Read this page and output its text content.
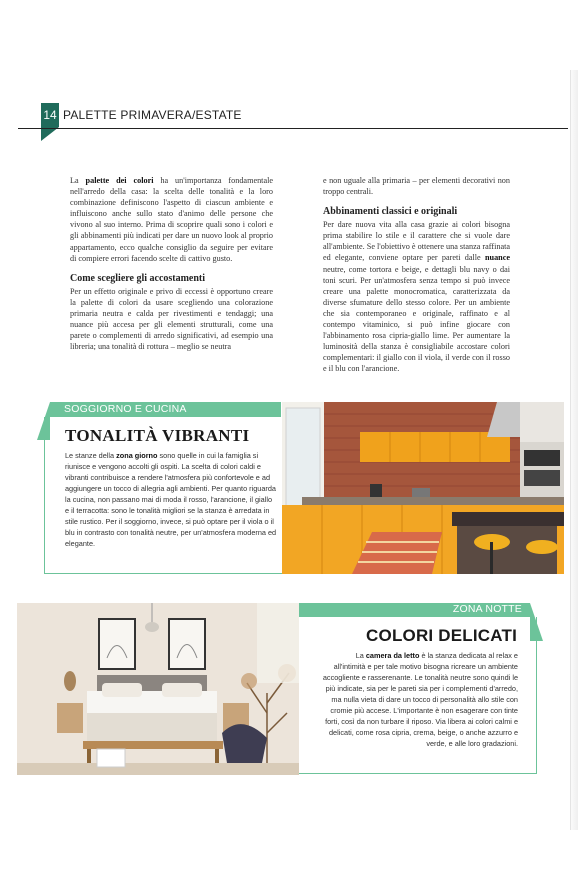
14 PALETTE PRIMAVERA/ESTATE

La palette dei colori ha un'importanza fondamentale nell'arredo della casa: la scelta delle tonalità e la loro combinazione definiscono l'aspetto di ciascun ambiente e influiscono anche sullo stato d'animo delle persone che vivono al suo interno. Prima di scoprire quali sono i colori e gli abbinamenti più indicati per dare un nuovo look al proprio appartamento, ecco qualche consiglio da seguire per evitare di compiere errori facendo scelte di cattivo gusto.

Come scegliere gli accostamenti

Per un effetto originale e privo di eccessi è opportuno creare la palette di colori da usare scegliendo una colorazione primaria neutra e calda per rivestimenti e tendaggi; una nuance più accesa per gli elementi strutturali, come una parete o complementi di arredo significativi, ad esempio una libreria; una tonalità di rottura – meglio se neutra

e non uguale alla primaria – per elementi decorativi non troppo centrali.

Abbinamenti classici e originali

Per dare nuova vita alla casa grazie ai colori bisogna prima stabilire lo stile e il carattere che si vuole dare all'ambiente. Se l'obiettivo è ottenere una stanza raffinata ed elegante, conviene optare per pareti dalle nuance neutre, come tortora e beige, e dettagli blu navy o dai toni scuri. Per un'atmosfera senza tempo si può invece creare una palette monocromatica, caratterizzata da diverse sfumature dello stesso colore. Per un ambiente che sia contemporaneo e originale, raffinato e al contempo vitaminico, si può infine giocare con l'abbinamento rosa cipria-giallo lime. Per aumentare la luminosità della stanza è consigliabile accostare colori complementari: il giallo con il viola, il verde con il rosso e il blu con l'arancione.

SOGGIORNO E CUCINA
TONALITÀ VIBRANTI
Le stanze della zona giorno sono quelle in cui la famiglia si riunisce e vengono accolti gli ospiti. La scelta di colori caldi e vibranti contribuisce a rendere l'atmosfera più confortevole e ad aggiungere un tocco di allegria agli ambienti. Per quanto riguarda la cucina, non passano mai di moda il rosso, l'arancione, il giallo e il terracotta: sono le tonalità migliori se la stanza è arredata in stile rustico. Per il soggiorno, invece, si può optare per il viola o il blu in contrasto con tonalità neutre, per un'atmosfera moderna ed elegante.
ZONA NOTTE
COLORI DELICATI
La camera da letto è la stanza dedicata al relax e all'intimità e per tale motivo bisogna ricreare un ambiente accogliente e rasserenante. Le tonalità neutre sono quindi le più indicate, sia per le pareti sia per i complementi d'arredo, ma nulla vieta di dare un tocco di personalità allo stile con cromie più accese. L'importante è non esagerare con tinte forti, così da non turbare il riposo. Via libera ai colori calmi e delicati, come rosa cipria, crema, beige, o anche azzurro e verde, e alle loro gradazioni.
